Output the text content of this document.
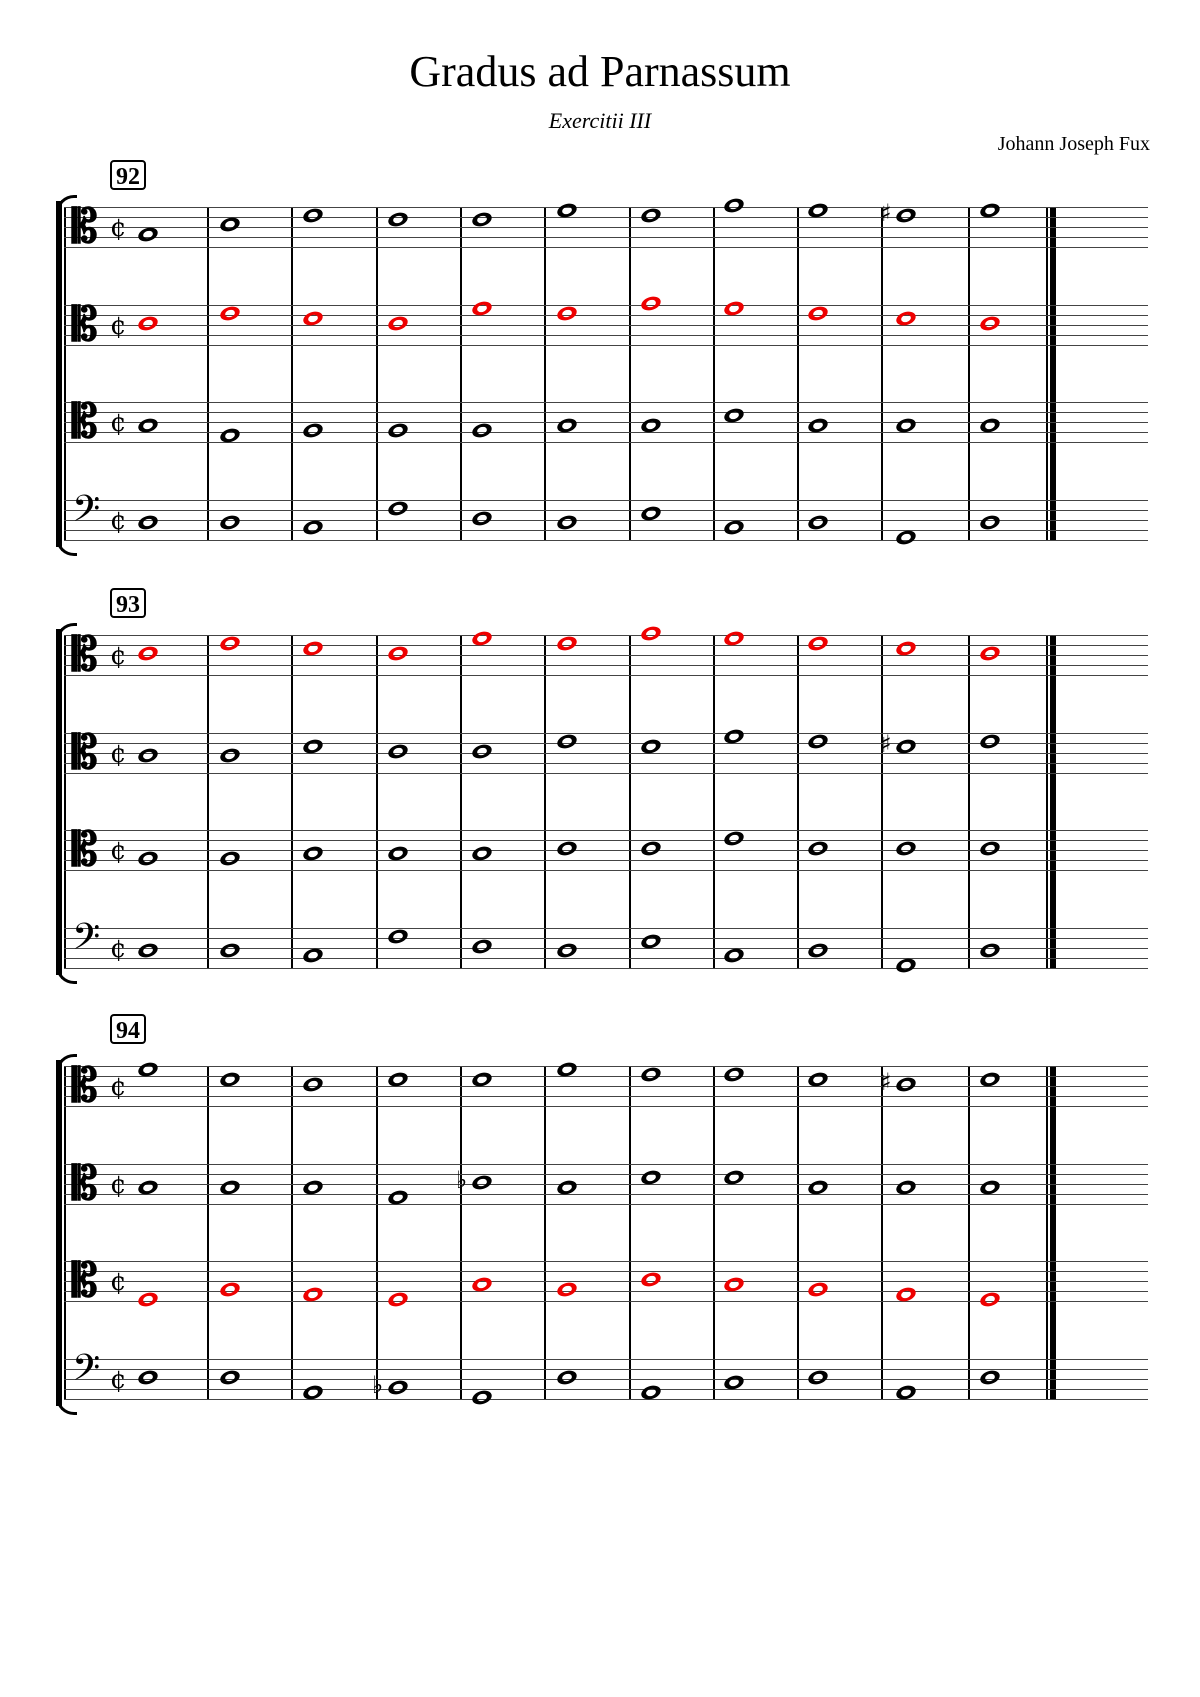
Gradus ad Parnassum
Exercitii III
Johann Joseph Fux
92
𝄡 ¢	♯
𝄡 ¢
𝄡 ¢
𝄢 ¢
93
𝄡 ¢
𝄡 ¢	♯
𝄡 ¢
𝄢 ¢
94
𝄡 ¢	♯
𝄡 ¢	♭
𝄡 ¢
𝄢 ¢	♭
